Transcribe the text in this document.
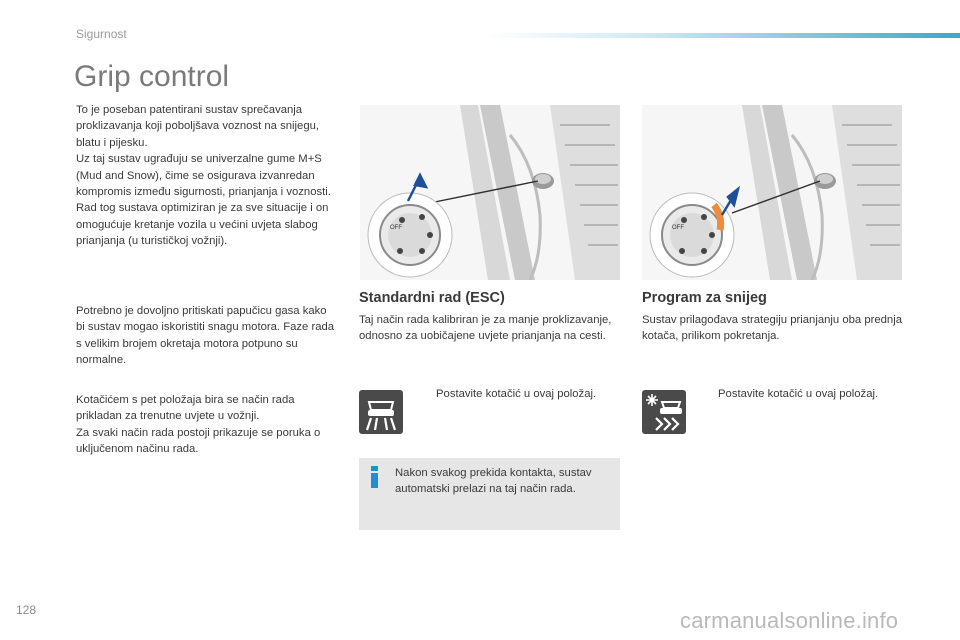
Sigurnost
Grip control
To je poseban patentirani sustav sprečavanja proklizavanja koji poboljšava voznost na snijegu, blatu i pijesku.
Uz taj sustav ugrađuju se univerzalne gume M+S (Mud and Snow), čime se osigurava izvanredan kompromis između sigurnosti, prianjanja i voznosti.
Rad tog sustava optimiziran je za sve situacije i on omogućuje kretanje vozila u većini uvjeta slabog prianjanja (u turističkoj vožnji).
Potrebno je dovoljno pritiskati papučicu gasa kako bi sustav mogao iskoristiti snagu motora. Faze rada s velikim brojem okretaja motora potpuno su normalne.
Kotačićem s pet položaja bira se način rada prikladan za trenutne uvjete u vožnji.
Za svaki način rada postoji prikazuje se poruka o uključenom načinu rada.
OFF	OFF
Standardni rad (ESC)
Taj način rada kalibriran je za manje proklizavanje, odnosno za uobičajene uvjete prianjanja na cesti.
Program za snijeg
Sustav prilagođava strategiju prianjanju oba prednja kotača, prilikom pokretanja.
Postavite kotačić u ovaj položaj.	Postavite kotačić u ovaj položaj.
Nakon svakog prekida kontakta, sustav automatski prelazi na taj način rada.
128	carmanualsonline.info
